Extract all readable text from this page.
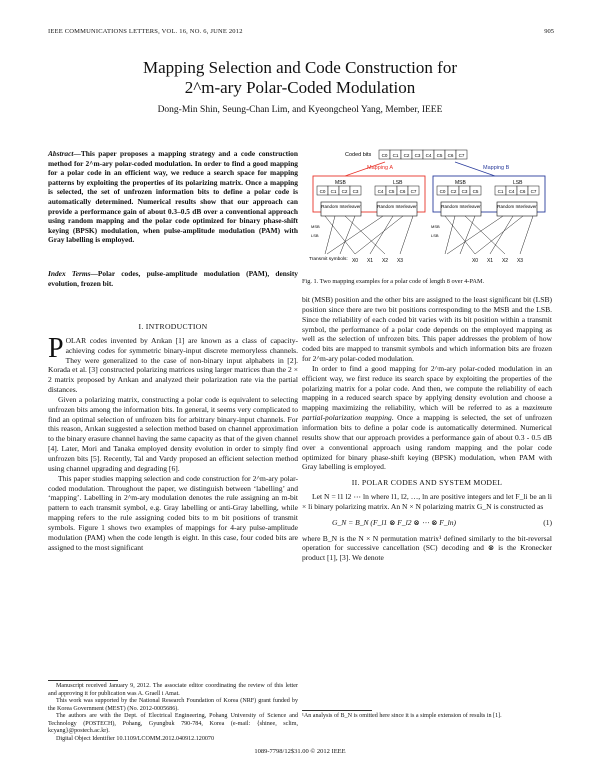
IEEE COMMUNICATIONS LETTERS, VOL. 16, NO. 6, JUNE 2012	905
Mapping Selection and Code Construction for
2^m-ary Polar-Coded Modulation
Dong-Min Shin, Seung-Chan Lim, and Kyeongcheol Yang, Member, IEEE
Abstract—This paper proposes a mapping strategy and a code construction method for 2^m-ary polar-coded modulation. In order to find a good mapping for a polar code in an efficient way, we reduce a search space for mapping patterns by exploiting the properties of its polarizing matrix. Once a mapping is selected, the set of unfrozen information bits to define a polar code is automatically determined. Numerical results show that our approach can provide a performance gain of about 0.3–0.5 dB over a conventional approach using random mapping and the polar code optimized for binary phase-shift keying (BPSK) modulation, when pulse-amplitude modulation (PAM) with Gray labelling is employed.
Index Terms—Polar codes, pulse-amplitude modulation (PAM), density evolution, frozen bit.
I. INTRODUCTION

POLAR codes invented by Arıkan [1] are known as a class of capacity-achieving codes for symmetric binary-input discrete memoryless channels. They were generalized to the case of non-binary input alphabets in [2]. Korada et al. [3] constructed polarizing matrices using larger matrices than the 2 × 2 matrix proposed by Arıkan and analyzed their polarization rate via the partial distances.

Given a polarizing matrix, constructing a polar code is equivalent to selecting unfrozen bits among the information bits. In general, it seems very complicated to find an optimal selection of unfrozen bits for arbitrary binary-input channels. For this reason, Arıkan suggested a selection method based on channel approximation to the binary erasure channel having the same capacity as that of the given channel [4]. Later, Mori and Tanaka employed density evolution in order to simply find unfrozen bits [5]. Recently, Tal and Vardy proposed an efficient selection method using channel upgrading and degrading [6].

This paper studies mapping selection and code construction for 2^m-ary polar-coded modulation. Throughout the paper, we distinguish between ‘labelling’ and ‘mapping’. Labelling in 2^m-ary modulation denotes the rule assigning an m-bit pattern to each transmit symbol, e.g. Gray labelling or anti-Gray labelling, while mapping refers to the rule assigning coded bits to m bit positions of transmit symbols. Figure 1 shows two examples of mappings for 4-ary pulse-amplitude modulation (PAM) when the code length is eight. In this case, four coded bits are assigned to the most significant

Manuscript received January 9, 2012. The associate editor coordinating the review of this letter and approving it for publication was A. Graell i Amat.

This work was supported by the National Research Foundation of Korea (NRF) grant funded by the Korea Government (MEST) (No. 2012-0005686).

The authors are with the Dept. of Electrical Engineering, Pohang University of Science and Technology (POSTECH), Pohang, Gyungbuk 790-784, Korea (e-mail: {shinee, sclim, kcyang}@postech.ac.kr).

Digital Object Identifier 10.1109/LCOMM.2012.040912.120070

Coded bits C0 C1 C2 C3 C4 C5 C6 C7
Mapping A	Mapping B
MSB	LSB
C0 C1 C2 C3	C4 C5 C6 C7
MSB	LSB
C0 C2 C3 C5	C1 C4 C6 C7
Random Interleaver	Random Interleaver	Random Interleaver	Random Interleaver
MSB
LSB
MSB
LSB
Transmit symbols: X0 X1 X2 X3	X0 X1 X2 X3
Fig. 1. Two mapping examples for a polar code of length 8 over 4-PAM.

bit (MSB) position and the other bits are assigned to the least significant bit (LSB) position since there are two bit positions corresponding to the MSB and the LSB. Since the reliability of each coded bit varies with its bit position within a transmit symbol, the performance of a polar code depends on the employed mapping as well as the selection of unfrozen bits. This paper addresses the problem of how coded bits are mapped to transmit symbols and which information bits are frozen for 2^m-ary polar-coded modulation.

In order to find a good mapping for 2^m-ary polar-coded modulation in an efficient way, we first reduce its search space by exploiting the properties of the polarizing matrix for a polar code. And then, we compute the reliability of each mapping in a reduced search space by applying density evolution and choose a mapping maximizing the reliability, which will be referred to as a maximum partial-polarization mapping. Once a mapping is selected, the set of unfrozen information bits to define a polar code is automatically determined. Numerical results show that our approach provides a performance gain of about 0.3 - 0.5 dB over a conventional approach using random mapping and the polar code optimized for binary phase-shift keying (BPSK) modulation, when PAM with Gray labelling is employed.

II. POLAR CODES AND SYSTEM MODEL

Let N = l1 l2 ⋯ ln where l1, l2, …, ln are positive integers and let F_li be an li × li binary polarizing matrix. An N × N polarizing matrix G_N is constructed as

G_N = B_N (F_l1 ⊗ F_l2 ⊗ ⋯ ⊗ F_ln)	(1)

where B_N is the N × N permutation matrix¹ defined similarly to the bit-reversal operation for successive cancellation (SC) decoding and ⊗ is the Kronecker product [1], [3]. We denote

¹An analysis of B_N is omitted here since it is a simple extension of results in [1].
1089-7798/12$31.00 © 2012 IEEE
